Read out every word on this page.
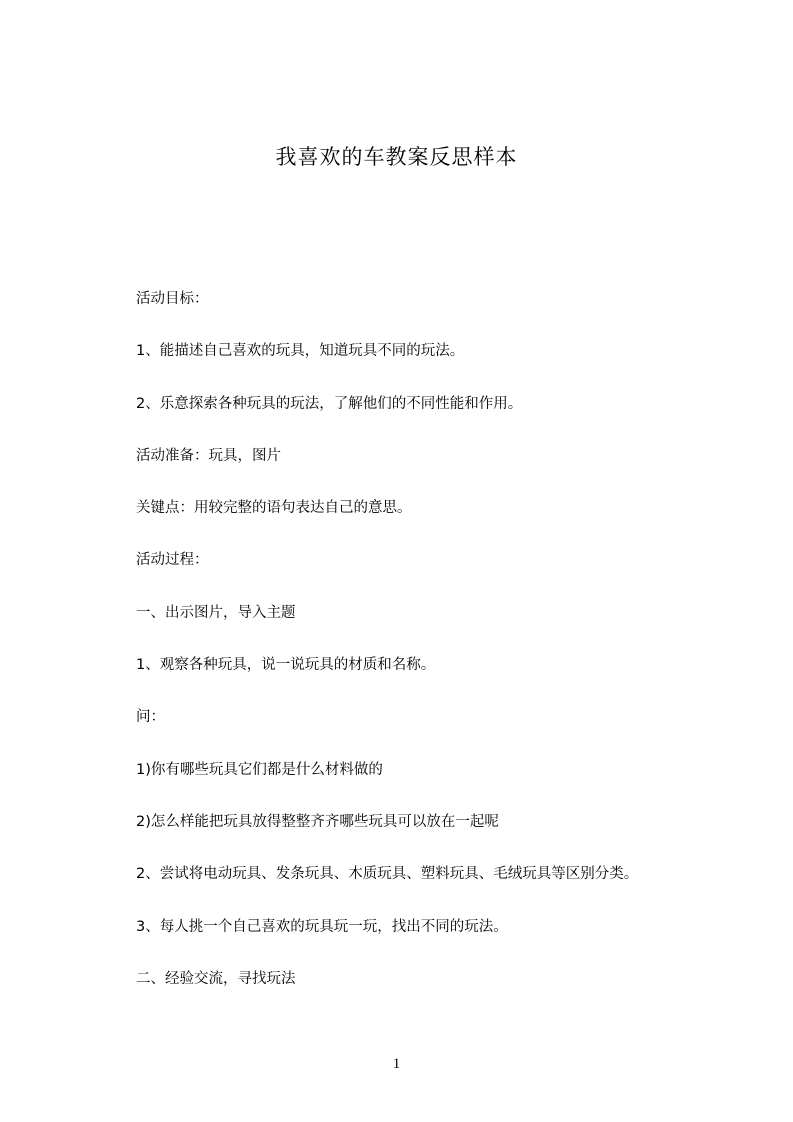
我喜欢的车教案反思样本
活动目标：
1、能描述自己喜欢的玩具，知道玩具不同的玩法。
2、乐意探索各种玩具的玩法，了解他们的不同性能和作用。
活动准备：玩具，图片
关键点：用较完整的语句表达自己的意思。
活动过程：
一、出示图片，导入主题
1、观察各种玩具，说一说玩具的材质和名称。
问：
1)你有哪些玩具它们都是什么材料做的
2)怎么样能把玩具放得整整齐齐哪些玩具可以放在一起呢
2、尝试将电动玩具、发条玩具、木质玩具、塑料玩具、毛绒玩具等区别分类。
3、每人挑一个自己喜欢的玩具玩一玩，找出不同的玩法。
二、经验交流，寻找玩法
1
